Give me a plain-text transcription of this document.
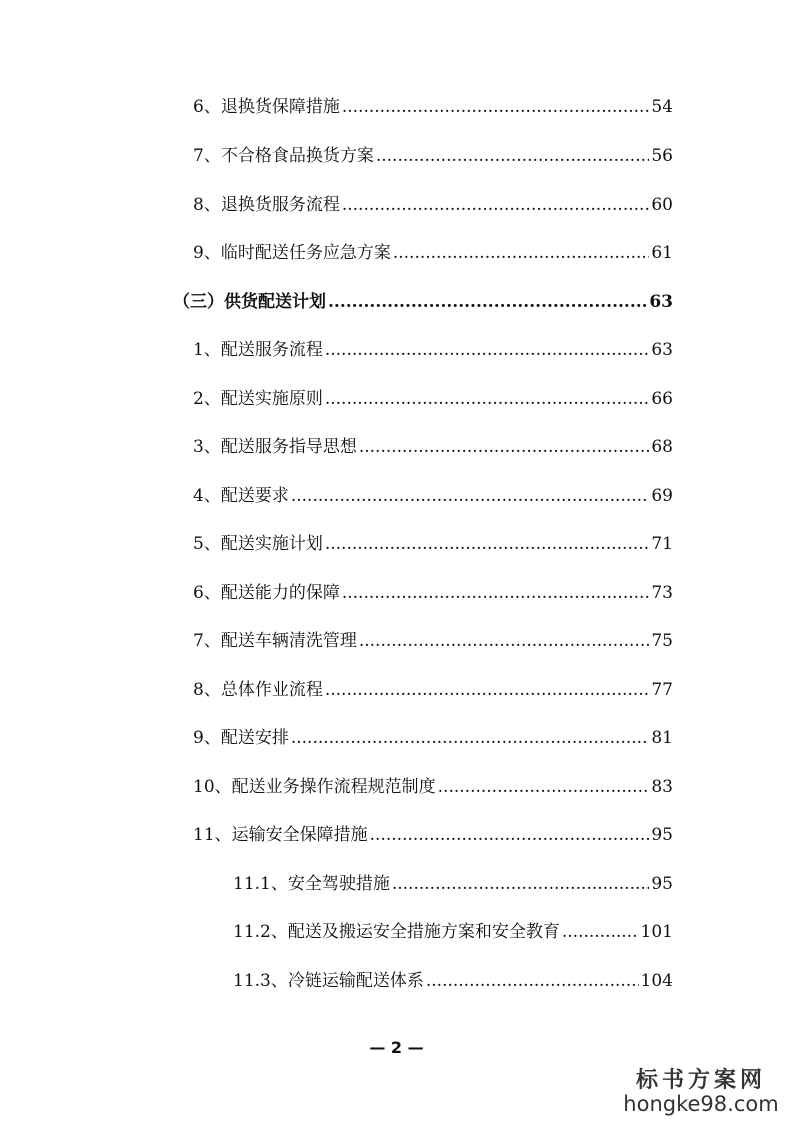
6、退换货保障措施 .....	54
7、不合格食品换货方案 .....	56
8、退换货服务流程 .....	60
9、临时配送任务应急方案 .....	61
（三）供货配送计划 .....	63
1、配送服务流程 .....	63
2、配送实施原则 .....	66
3、配送服务指导思想 .....	68
4、配送要求 .....	69
5、配送实施计划 .....	71
6、配送能力的保障 .....	73
7、配送车辆清洗管理 .....	75
8、总体作业流程 .....	77
9、配送安排 .....	81
10、配送业务操作流程规范制度 .....	83
11、运输安全保障措施 .....	95
11.1、安全驾驶措施 .....	95
11.2、配送及搬运安全措施方案和安全教育 .....	101
11.3、冷链运输配送体系 .....	104
— 2 —
标书方案网
hongke98.com
